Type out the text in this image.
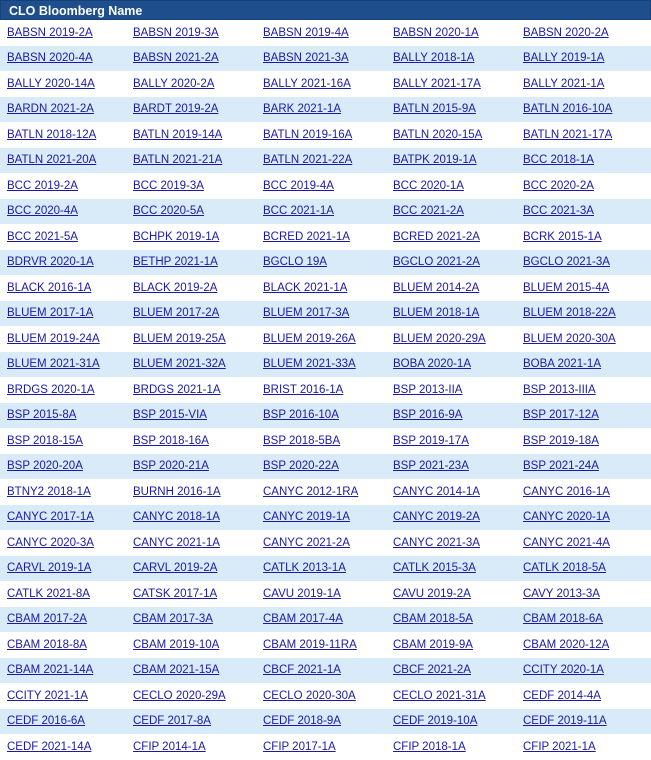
CLO Bloomberg Name
BABSN 2019-2A	BABSN 2019-3A	BABSN 2019-4A	BABSN 2020-1A	BABSN 2020-2A
BABSN 2020-4A	BABSN 2021-2A	BABSN 2021-3A	BALLY 2018-1A	BALLY 2019-1A
BALLY 2020-14A	BALLY 2020-2A	BALLY 2021-16A	BALLY 2021-17A	BALLY 2021-1A
BARDN 2021-2A	BARDT 2019-2A	BARK 2021-1A	BATLN 2015-9A	BATLN 2016-10A
BATLN 2018-12A	BATLN 2019-14A	BATLN 2019-16A	BATLN 2020-15A	BATLN 2021-17A
BATLN 2021-20A	BATLN 2021-21A	BATLN 2021-22A	BATPK 2019-1A	BCC 2018-1A
BCC 2019-2A	BCC 2019-3A	BCC 2019-4A	BCC 2020-1A	BCC 2020-2A
BCC 2020-4A	BCC 2020-5A	BCC 2021-1A	BCC 2021-2A	BCC 2021-3A
BCC 2021-5A	BCHPK 2019-1A	BCRED 2021-1A	BCRED 2021-2A	BCRK 2015-1A
BDRVR 2020-1A	BETHP 2021-1A	BGCLO 19A	BGCLO 2021-2A	BGCLO 2021-3A
BLACK 2016-1A	BLACK 2019-2A	BLACK 2021-1A	BLUEM 2014-2A	BLUEM 2015-4A
BLUEM 2017-1A	BLUEM 2017-2A	BLUEM 2017-3A	BLUEM 2018-1A	BLUEM 2018-22A
BLUEM 2019-24A	BLUEM 2019-25A	BLUEM 2019-26A	BLUEM 2020-29A	BLUEM 2020-30A
BLUEM 2021-31A	BLUEM 2021-32A	BLUEM 2021-33A	BOBA 2020-1A	BOBA 2021-1A
BRDGS 2020-1A	BRDGS 2021-1A	BRIST 2016-1A	BSP 2013-IIA	BSP 2013-IIIA
BSP 2015-8A	BSP 2015-VIA	BSP 2016-10A	BSP 2016-9A	BSP 2017-12A
BSP 2018-15A	BSP 2018-16A	BSP 2018-5BA	BSP 2019-17A	BSP 2019-18A
BSP 2020-20A	BSP 2020-21A	BSP 2020-22A	BSP 2021-23A	BSP 2021-24A
BTNY2 2018-1A	BURNH 2016-1A	CANYC 2012-1RA	CANYC 2014-1A	CANYC 2016-1A
CANYC 2017-1A	CANYC 2018-1A	CANYC 2019-1A	CANYC 2019-2A	CANYC 2020-1A
CANYC 2020-3A	CANYC 2021-1A	CANYC 2021-2A	CANYC 2021-3A	CANYC 2021-4A
CARVL 2019-1A	CARVL 2019-2A	CATLK 2013-1A	CATLK 2015-3A	CATLK 2018-5A
CATLK 2021-8A	CATSK 2017-1A	CAVU 2019-1A	CAVU 2019-2A	CAVY 2013-3A
CBAM 2017-2A	CBAM 2017-3A	CBAM 2017-4A	CBAM 2018-5A	CBAM 2018-6A
CBAM 2018-8A	CBAM 2019-10A	CBAM 2019-11RA	CBAM 2019-9A	CBAM 2020-12A
CBAM 2021-14A	CBAM 2021-15A	CBCF 2021-1A	CBCF 2021-2A	CCITY 2020-1A
CCITY 2021-1A	CECLO 2020-29A	CECLO 2020-30A	CECLO 2021-31A	CEDF 2014-4A
CEDF 2016-6A	CEDF 2017-8A	CEDF 2018-9A	CEDF 2019-10A	CEDF 2019-11A
CEDF 2021-14A	CFIP 2014-1A	CFIP 2017-1A	CFIP 2018-1A	CFIP 2021-1A
